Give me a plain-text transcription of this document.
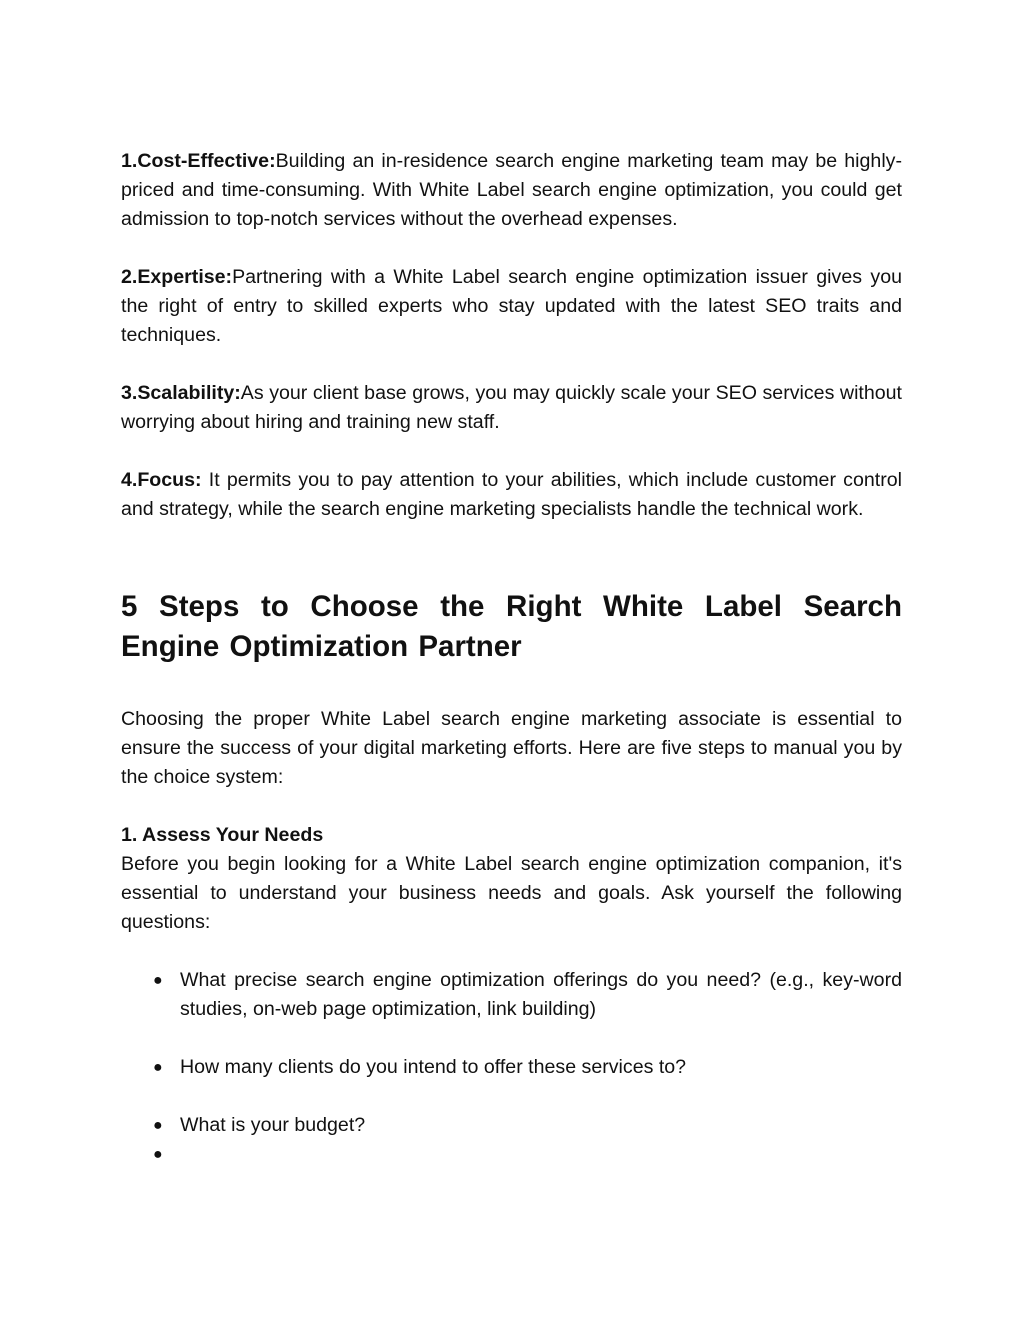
1.Cost-Effective:Building an in-residence search engine marketing team may be highly-priced and time-consuming. With White Label search engine optimization, you could get admission to top-notch services without the overhead expenses.

2.Expertise:Partnering with a White Label search engine optimization issuer gives you the right of entry to skilled experts who stay updated with the latest SEO traits and techniques.

3.Scalability:As your client base grows, you may quickly scale your SEO services without worrying about hiring and training new staff.

4.Focus: It permits you to pay attention to your abilities, which include customer control and strategy, while the search engine marketing specialists handle the technical work.

5 Steps to Choose the Right White Label Search Engine Optimization Partner

Choosing the proper White Label search engine marketing associate is essential to ensure the success of your digital marketing efforts. Here are five steps to manual you by the choice system:

1. Assess Your Needs

Before you begin looking for a White Label search engine optimization companion, it's essential to understand your business needs and goals. Ask yourself the following questions:

● What precise search engine optimization offerings do you need? (e.g., key-word studies, on-web page optimization, link building)
● How many clients do you intend to offer these services to?
● What is your budget?
●
